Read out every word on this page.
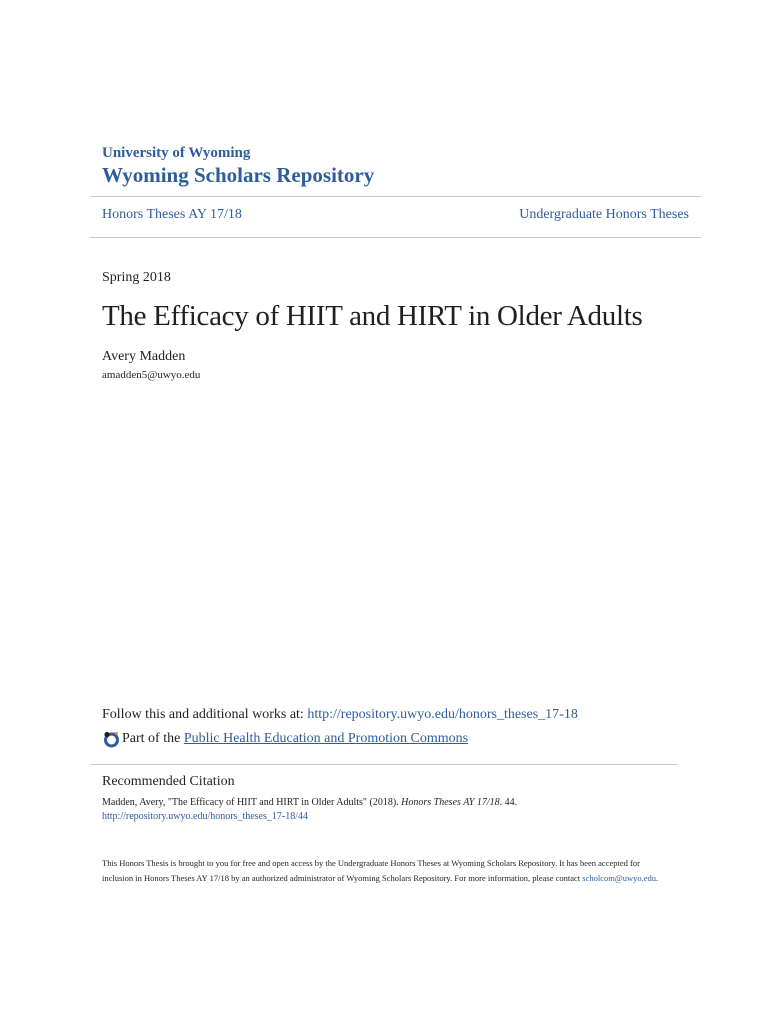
University of Wyoming
Wyoming Scholars Repository
Honors Theses AY 17/18	Undergraduate Honors Theses
Spring 2018
The Efficacy of HIIT and HIRT in Older Adults
Avery Madden
amadden5@uwyo.edu
Follow this and additional works at: http://repository.uwyo.edu/honors_theses_17-18
Part of the
Public Health Education and Promotion Commons
Recommended Citation
Madden, Avery, "The Efficacy of HIIT and HIRT in Older Adults" (2018). Honors Theses AY 17/18. 44.
http://repository.uwyo.edu/honors_theses_17-18/44
This Honors Thesis is brought to you for free and open access by the Undergraduate Honors Theses at Wyoming Scholars Repository. It has been accepted for inclusion in Honors Theses AY 17/18 by an authorized administrator of Wyoming Scholars Repository. For more information, please contact scholcom@uwyo.edu.
